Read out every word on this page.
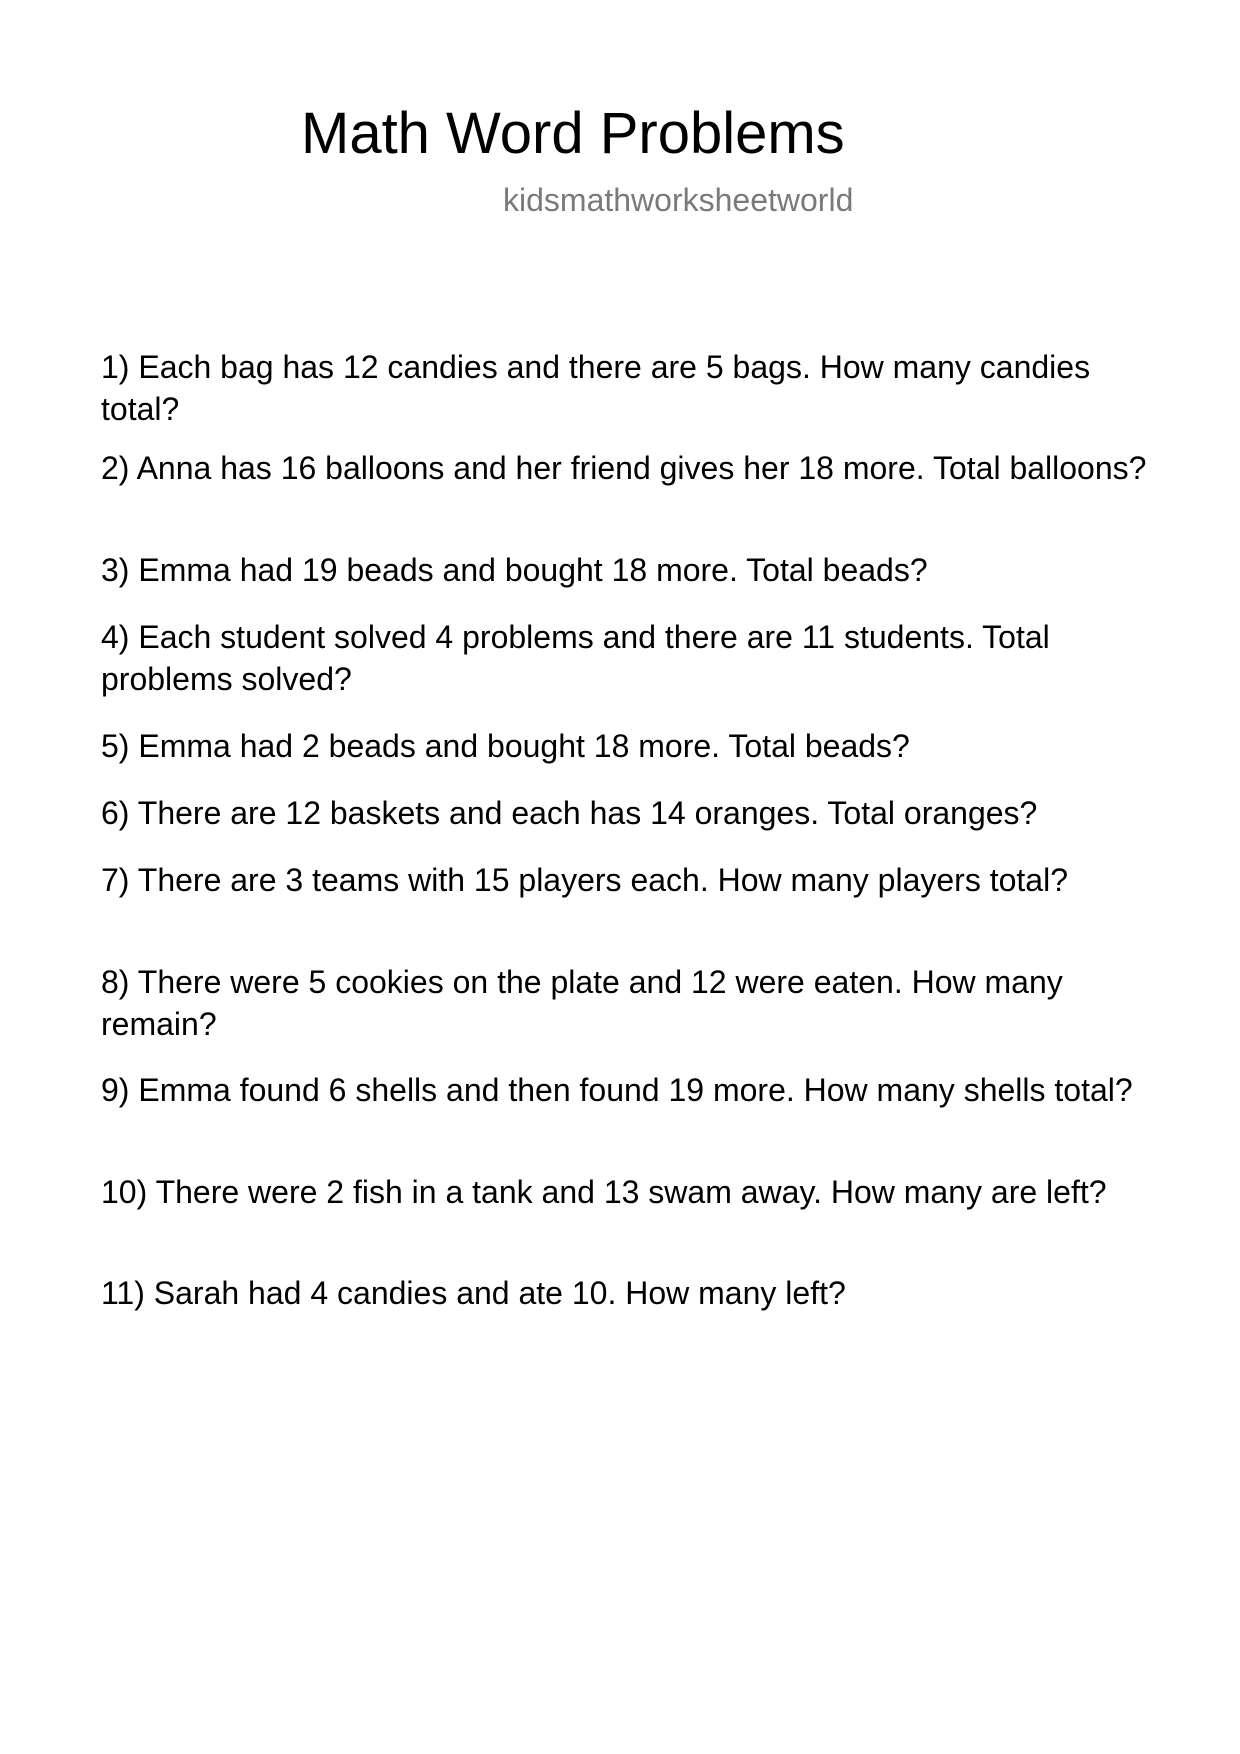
Math Word Problems
kidsmathworksheetworld
1) Each bag has 12 candies and there are 5 bags. How many candies total?
2) Anna has 16 balloons and her friend gives her 18 more. Total balloons?
3) Emma had 19 beads and bought 18 more. Total beads?
4) Each student solved 4 problems and there are 11 students. Total problems solved?
5) Emma had 2 beads and bought 18 more. Total beads?
6) There are 12 baskets and each has 14 oranges. Total oranges?
7) There are 3 teams with 15 players each. How many players total?
8) There were 5 cookies on the plate and 12 were eaten. How many remain?
9) Emma found 6 shells and then found 19 more. How many shells total?
10) There were 2 fish in a tank and 13 swam away. How many are left?
11) Sarah had 4 candies and ate 10. How many left?
